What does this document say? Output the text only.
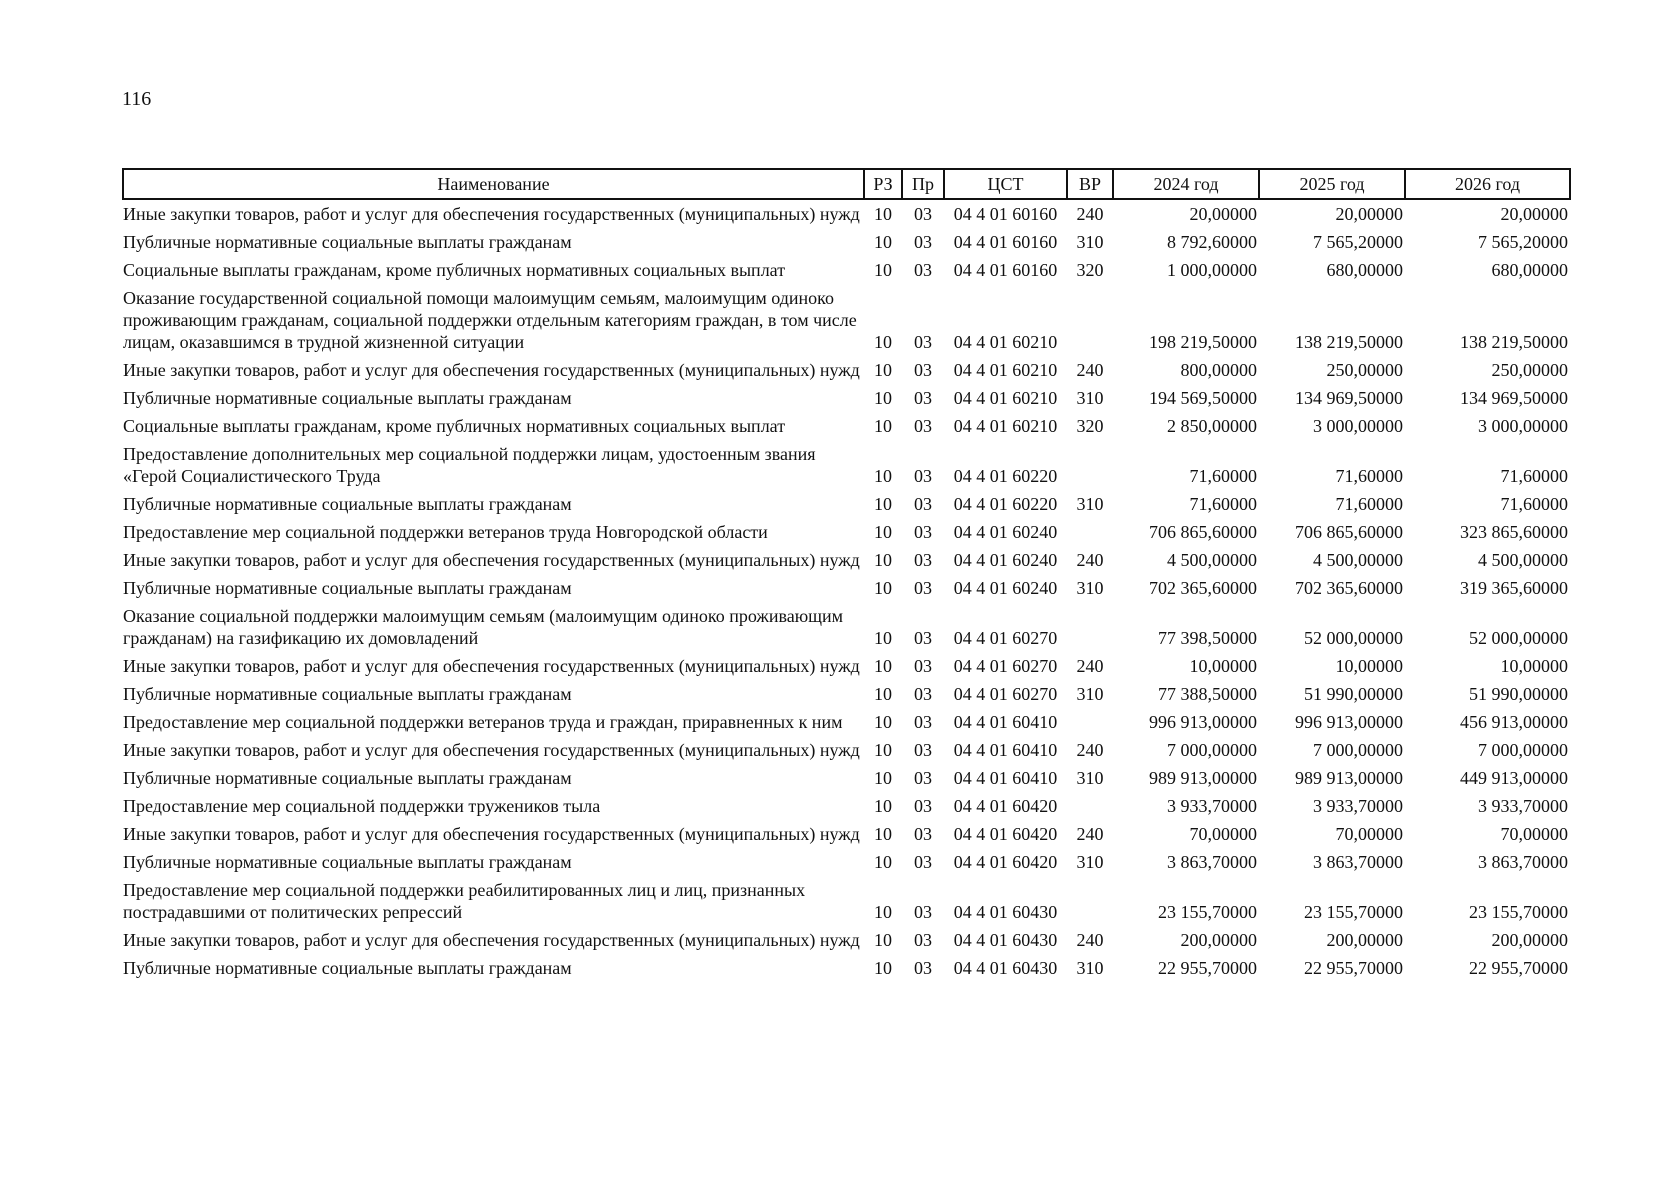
116
Наименование	РЗ	Пр	ЦСТ	ВР	2024 год	2025 год	2026 год
Иные закупки товаров, работ и услуг для обеспечения государственных (муниципальных) нужд	10	03	04 4 01 60160	240	20,00000	20,00000	20,00000
Публичные нормативные социальные выплаты гражданам	10	03	04 4 01 60160	310	8 792,60000	7 565,20000	7 565,20000
Социальные выплаты гражданам, кроме публичных нормативных социальных выплат	10	03	04 4 01 60160	320	1 000,00000	680,00000	680,00000
Оказание государственной социальной помощи малоимущим семьям, малоимущим одиноко проживающим гражданам, социальной поддержки отдельным категориям граждан, в том числе лицам, оказавшимся в трудной жизненной ситуации	10	03	04 4 01 60210		198 219,50000	138 219,50000	138 219,50000
Иные закупки товаров, работ и услуг для обеспечения государственных (муниципальных) нужд	10	03	04 4 01 60210	240	800,00000	250,00000	250,00000
Публичные нормативные социальные выплаты гражданам	10	03	04 4 01 60210	310	194 569,50000	134 969,50000	134 969,50000
Социальные выплаты гражданам, кроме публичных нормативных социальных выплат	10	03	04 4 01 60210	320	2 850,00000	3 000,00000	3 000,00000
Предоставление дополнительных мер социальной поддержки лицам, удостоенным звания «Герой Социалистического Труда	10	03	04 4 01 60220		71,60000	71,60000	71,60000
Публичные нормативные социальные выплаты гражданам	10	03	04 4 01 60220	310	71,60000	71,60000	71,60000
Предоставление мер социальной поддержки ветеранов труда Новгородской области	10	03	04 4 01 60240		706 865,60000	706 865,60000	323 865,60000
Иные закупки товаров, работ и услуг для обеспечения государственных (муниципальных) нужд	10	03	04 4 01 60240	240	4 500,00000	4 500,00000	4 500,00000
Публичные нормативные социальные выплаты гражданам	10	03	04 4 01 60240	310	702 365,60000	702 365,60000	319 365,60000
Оказание социальной поддержки малоимущим семьям (малоимущим одиноко проживающим гражданам) на газификацию их домовладений	10	03	04 4 01 60270		77 398,50000	52 000,00000	52 000,00000
Иные закупки товаров, работ и услуг для обеспечения государственных (муниципальных) нужд	10	03	04 4 01 60270	240	10,00000	10,00000	10,00000
Публичные нормативные социальные выплаты гражданам	10	03	04 4 01 60270	310	77 388,50000	51 990,00000	51 990,00000
Предоставление мер социальной поддержки ветеранов труда и граждан, приравненных к ним	10	03	04 4 01 60410		996 913,00000	996 913,00000	456 913,00000
Иные закупки товаров, работ и услуг для обеспечения государственных (муниципальных) нужд	10	03	04 4 01 60410	240	7 000,00000	7 000,00000	7 000,00000
Публичные нормативные социальные выплаты гражданам	10	03	04 4 01 60410	310	989 913,00000	989 913,00000	449 913,00000
Предоставление мер социальной поддержки тружеников тыла	10	03	04 4 01 60420		3 933,70000	3 933,70000	3 933,70000
Иные закупки товаров, работ и услуг для обеспечения государственных (муниципальных) нужд	10	03	04 4 01 60420	240	70,00000	70,00000	70,00000
Публичные нормативные социальные выплаты гражданам	10	03	04 4 01 60420	310	3 863,70000	3 863,70000	3 863,70000
Предоставление мер социальной поддержки реабилитированных лиц и лиц, признанных пострадавшими от политических репрессий	10	03	04 4 01 60430		23 155,70000	23 155,70000	23 155,70000
Иные закупки товаров, работ и услуг для обеспечения государственных (муниципальных) нужд	10	03	04 4 01 60430	240	200,00000	200,00000	200,00000
Публичные нормативные социальные выплаты гражданам	10	03	04 4 01 60430	310	22 955,70000	22 955,70000	22 955,70000
